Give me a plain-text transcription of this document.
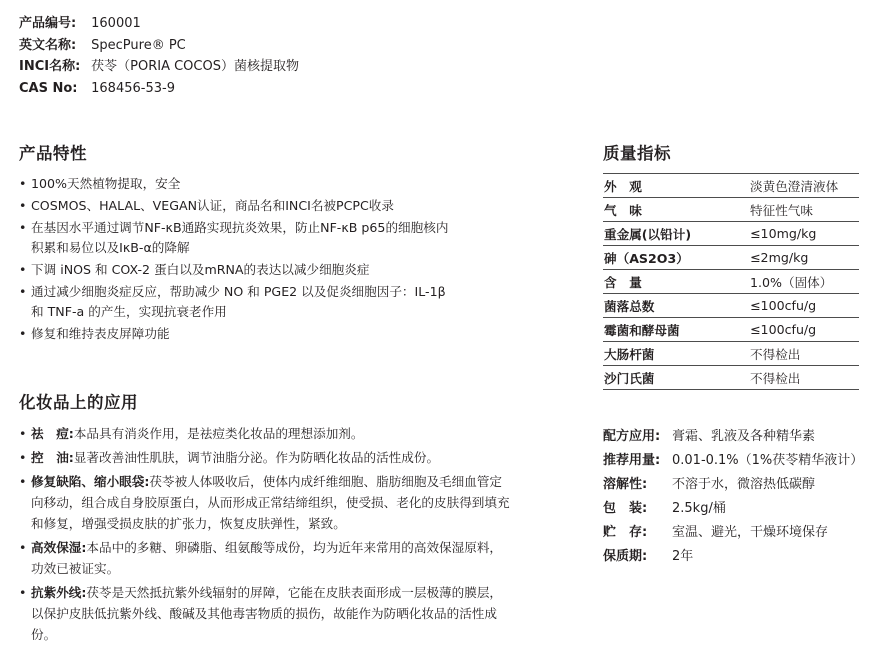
产品编号: 160001
英文名称: SpecPure® PC
INCI名称: 茯苓（PORIA COCOS）菌核提取物
CAS No: 168456-53-9
产品特性
• 100%天然植物提取，安全
• COSMOS、HALAL、VEGAN认证，商品名和INCI名被PCPC收录
• 在基因水平通过调节NF-κB通路实现抗炎效果，防止NF-κB p65的细胞核内积累和易位以及IκB-α的降解
• 下调 iNOS 和 COX-2 蛋白以及mRNA的表达以减少细胞炎症
• 通过减少细胞炎症反应，帮助减少 NO 和 PGE2 以及促炎细胞因子：IL-1β 和 TNF-a 的产生，实现抗衰老作用
• 修复和维持表皮屏障功能
化妆品上的应用
• 祛　痘:本品具有消炎作用，是祛痘类化妆品的理想添加剂。
• 控　油:显著改善油性肌肤，调节油脂分泌。作为防晒化妆品的活性成份。
• 修复缺陷、缩小眼袋:茯苓被人体吸收后，使体内成纤维细胞、脂肪细胞及毛细血管定向移动，组合成自身胶原蛋白，从而形成正常结缔组织，使受损、老化的皮肤得到填充和修复，增强受损皮肤的扩张力，恢复皮肤弹性，紧致。
• 高效保湿:本品中的多糖、卵磷脂、组氨酸等成份，均为近年来常用的高效保湿原料，功效已被证实。
• 抗紫外线:茯苓是天然抵抗紫外线辐射的屏障，它能在皮肤表面形成一层极薄的膜层，以保护皮肤低抗紫外线、酸碱及其他毒害物质的损伤，故能作为防晒化妆品的活性成份。
质量指标
外　观	淡黄色澄清液体
气　味	特征性气味
重金属(以铅计)	≤10mg/kg
砷（AS2O3）	≤2mg/kg
含　量	1.0%（固体）
菌落总数	≤100cfu/g
霉菌和酵母菌	≤100cfu/g
大肠杆菌	不得检出
沙门氏菌	不得检出
配方应用: 膏霜、乳液及各种精华素
推荐用量: 0.01-0.1%（1%茯苓精华液计）
溶解性: 不溶于水，微溶热低碳醇
包　装: 2.5kg/桶
贮　存: 室温、避光，干燥环境保存
保质期: 2年
